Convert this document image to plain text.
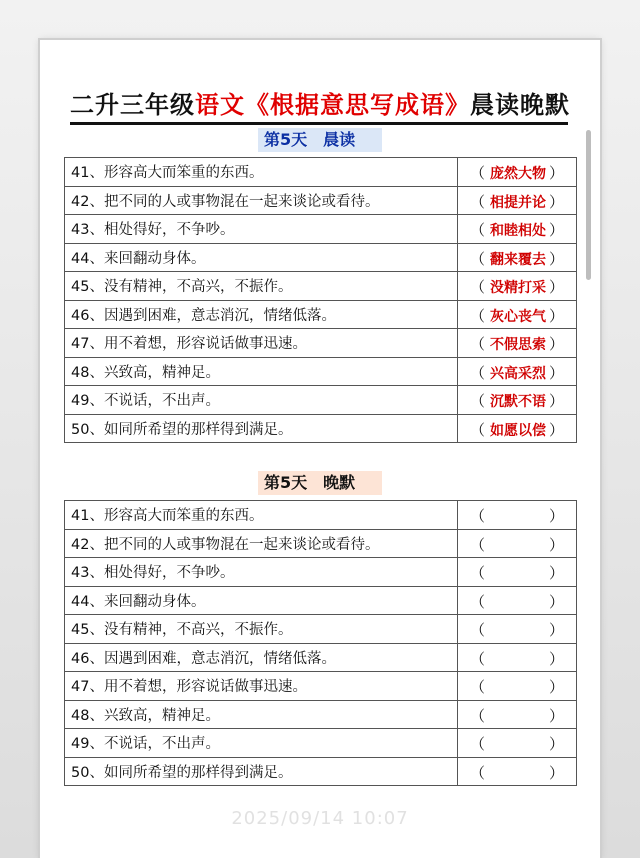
二升三年级语文《根据意思写成语》晨读晚默
第5天 晨读
41、形容高大而笨重的东西。	（ 庞然大物 ）

42、把不同的人或事物混在一起来谈论或看待。	（ 相提并论 ）

43、相处得好，不争吵。	（ 和睦相处 ）

44、来回翻动身体。	（ 翻来覆去 ）

45、没有精神，不高兴，不振作。	（ 没精打采 ）

46、因遇到困难，意志消沉，情绪低落。	（ 灰心丧气 ）

47、用不着想，形容说话做事迅速。	（ 不假思索 ）

48、兴致高，精神足。	（ 兴高采烈 ）

49、不说话，不出声。	（ 沉默不语 ）

50、如同所希望的那样得到满足。	（ 如愿以偿 ）
第5天 晚默
41、形容高大而笨重的东西。	（ ）

42、把不同的人或事物混在一起来谈论或看待。	（ ）

43、相处得好，不争吵。	（ ）

44、来回翻动身体。	（ ）

45、没有精神，不高兴，不振作。	（ ）

46、因遇到困难，意志消沉，情绪低落。	（ ）

47、用不着想，形容说话做事迅速。	（ ）

48、兴致高，精神足。	（ ）

49、不说话，不出声。	（ ）

50、如同所希望的那样得到满足。	（ ）
2025/09/14 10:07
